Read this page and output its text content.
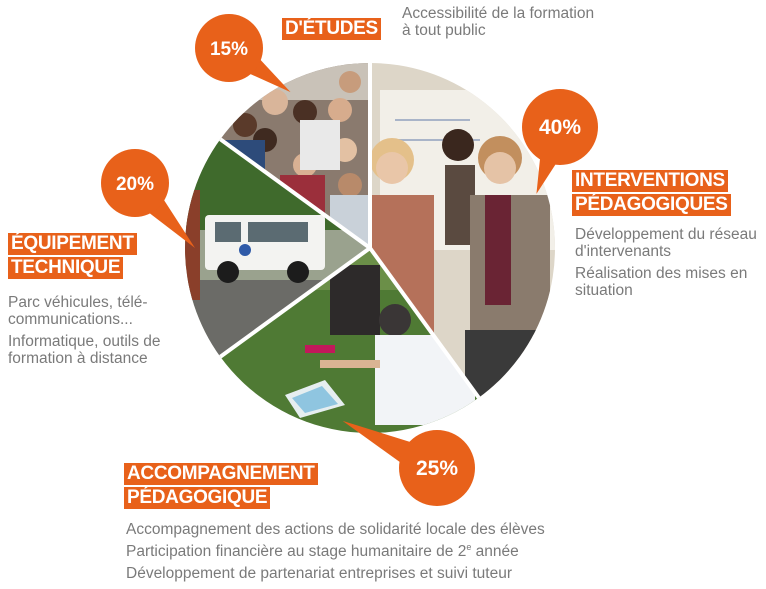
40%
25%
20%
15%
D'ÉTUDES
INTERVENTIONS
PÉDAGOGIQUES
ACCOMPAGNEMENT
PÉDAGOGIQUE
ÉQUIPEMENT
TECHNIQUE
Accessibilité de la formation
à tout public

Développement du réseau d'intervenants

Réalisation des mises en situation

Parc véhicules, télé-communications...

Informatique, outils de formation à distance

Accompagnement des actions de solidarité locale des élèves
Participation financière au stage humanitaire de 2e année
Développement de partenariat entreprises et suivi tuteur
